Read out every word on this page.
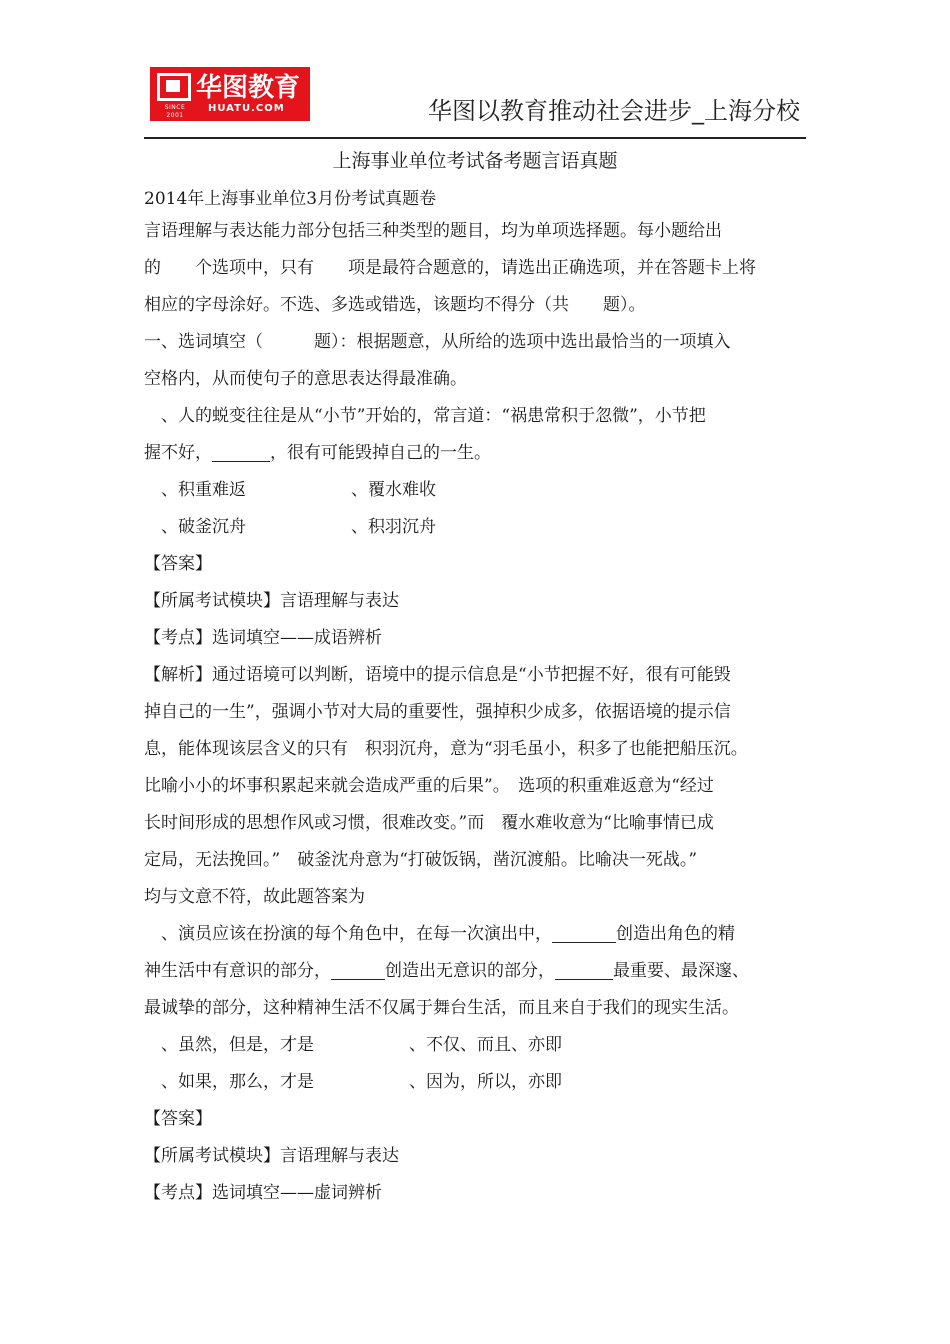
SINCE 2001
华图教育
HUATU.COM	华图以教育推动社会进步_上海分校
上海事业单位考试备考题言语真题
2014年上海事业单位3月份考试真题卷
言语理解与表达能力部分包括三种类型的题目，均为单项选择题。每小题给出
的　　个选项中，只有　　项是最符合题意的，请选出正确选项，并在答题卡上将
相应的字母涂好。不选、多选或错选，该题均不得分（共　　题）。
一、选词填空（　　　题）：根据题意，从所给的选项中选出最恰当的一项填入
空格内，从而使句子的意思表达得最准确。
　、人的蜕变往往是从“小节”开始的，常言道：“祸患常积于忽微”，小节把
握不好，	，很有可能毁掉自己的一生。
　、积重难返	　、覆水难收
　、破釜沉舟	　、积羽沉舟
【答案】
【所属考试模块】言语理解与表达
【考点】选词填空——成语辨析
【解析】通过语境可以判断，语境中的提示信息是“小节把握不好，很有可能毁
掉自己的一生”，强调小节对大局的重要性，强掉积少成多，依据语境的提示信
息，能体现该层含义的只有　积羽沉舟，意为“羽毛虽小，积多了也能把船压沉。
比喻小小的坏事积累起来就会造成严重的后果”。　选项的积重难返意为“经过
长时间形成的思想作风或习惯，很难改变。”而　覆水难收意为“比喻事情已成
定局，无法挽回。”　破釜沈舟意为“打破饭锅，凿沉渡船。比喻决一死战。”
均与文意不符，故此题答案为
　、演员应该在扮演的每个角色中，在每一次演出中，	创造出角色的精
神生活中有意识的部分，	创造出无意识的部分，	最重要、最深邃、
最诚挚的部分，这种精神生活不仅属于舞台生活，而且来自于我们的现实生活。
　、虽然，但是，才是	　、不仅、而且、亦即
　、如果，那么，才是	　、因为，所以，亦即
【答案】
【所属考试模块】言语理解与表达
【考点】选词填空——虚词辨析
